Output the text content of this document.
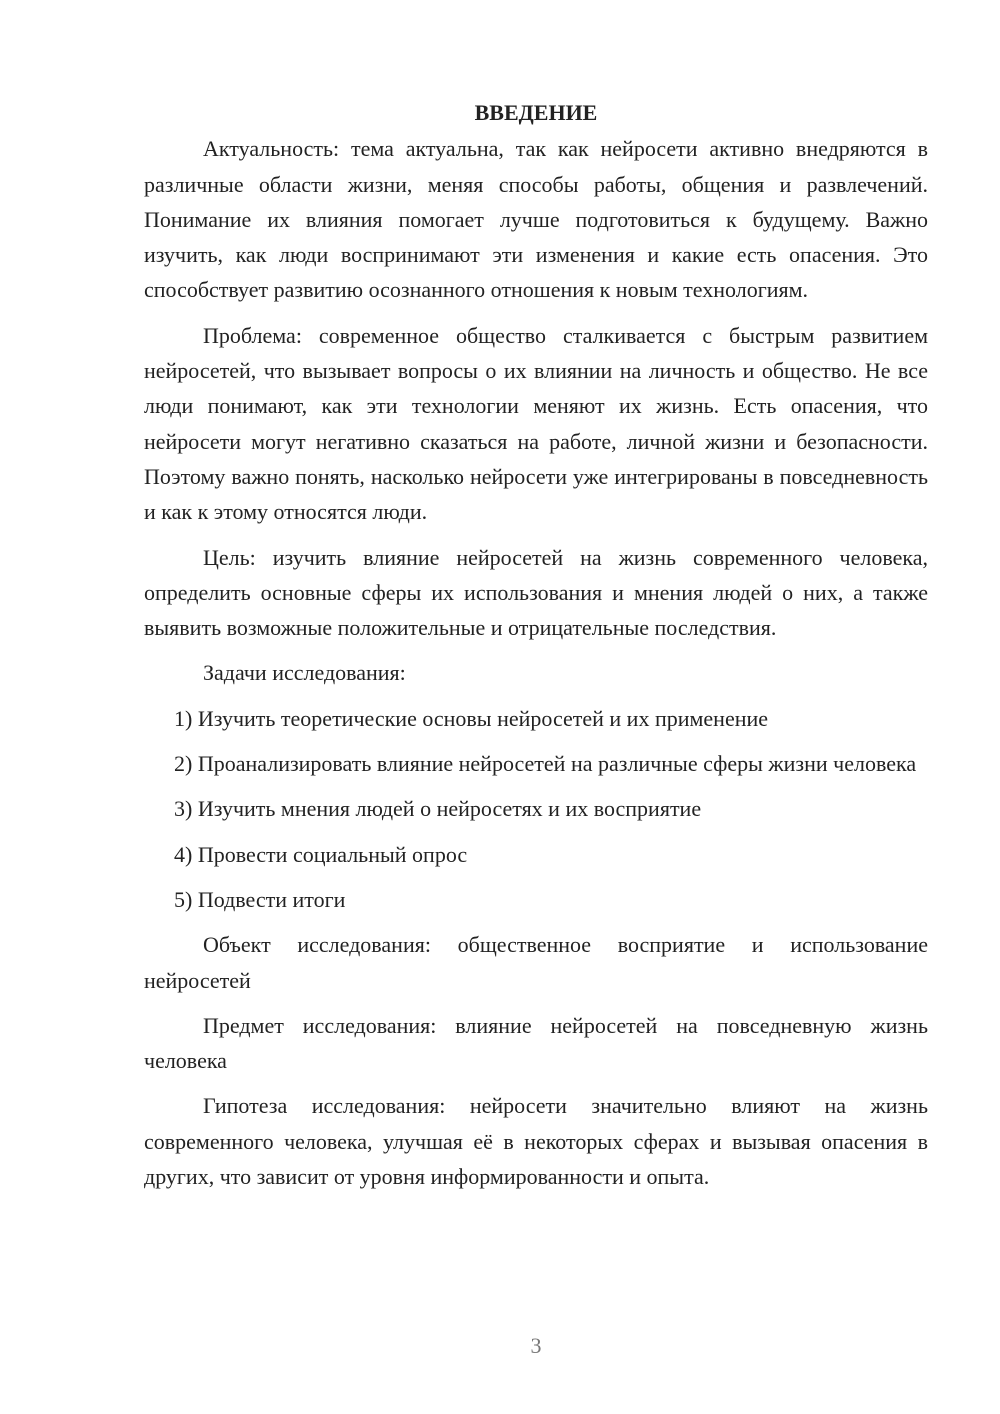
ВВЕДЕНИЕ

Актуальность: тема актуальна, так как нейросети активно внедряются в различные области жизни, меняя способы работы, общения и развлечений. Понимание их влияния помогает лучше подготовиться к будущему. Важно изучить, как люди воспринимают эти изменения и какие есть опасения. Это способствует развитию осознанного отношения к новым технологиям.

Проблема: современное общество сталкивается с быстрым развитием нейросетей, что вызывает вопросы о их влиянии на личность и общество. Не все люди понимают, как эти технологии меняют их жизнь. Есть опасения, что нейросети могут негативно сказаться на работе, личной жизни и безопасности. Поэтому важно понять, насколько нейросети уже интегрированы в повседневность и как к этому относятся люди.

Цель: изучить влияние нейросетей на жизнь современного человека, определить основные сферы их использования и мнения людей о них, а также выявить возможные положительные и отрицательные последствия.

Задачи исследования:

1) Изучить теоретические основы нейросетей и их применение

2) Проанализировать влияние нейросетей на различные сферы жизни человека

3) Изучить мнения людей о нейросетях и их восприятие

4) Провести социальный опрос

5) Подвести итоги

Объект исследования: общественное восприятие и использование нейросетей

Предмет исследования: влияние нейросетей на повседневную жизнь человека

Гипотеза исследования: нейросети значительно влияют на жизнь современного человека, улучшая её в некоторых сферах и вызывая опасения в других, что зависит от уровня информированности и опыта.

3
